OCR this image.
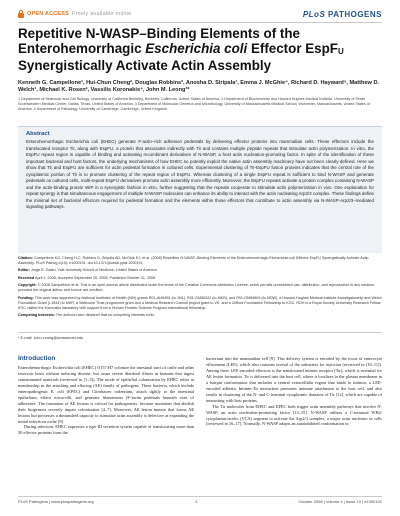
OPEN ACCESS Freely available online	PLoS PATHOGENS
Repetitive N-WASP–Binding Elements of the
Enterohemorrhagic Escherichia coli Effector EspF$_U$
Synergistically Activate Actin Assembly
Kenneth G. Campellone¹, Hui-Chun Cheng², Douglas Robbins³, Anosha D. Siripala¹, Emma J. McGhie⁴, Richard D. Hayward⁵, Matthew D. Welch¹, Michael K. Rosen², Vassilis Koronakis⁴, John M. Leong³*
1 Department of Molecular and Cell Biology, University of California Berkeley, Berkeley, California, United States of America, 2 Department of Biochemistry and Howard Hughes Medical Institute, University of Texas Southwestern Medical Center, Dallas, Texas, United States of America, 3 Department of Molecular Genetics and Microbiology, University of Massachusetts Medical School, Worcester, Massachusetts, United States of America, 4 Department of Pathology, University of Cambridge, Cambridge, United Kingdom
Abstract
Enterohemorrhagic Escherichia coli (EHEC) generate F-actin–rich adhesion pedestals by delivering effector proteins into mammalian cells. These effectors include the translocated receptor Tir, along with EspFU, a protein that associates indirectly with Tir and contains multiple peptide repeats that stimulate actin polymerization. In vitro, the EspFU repeat region is capable of binding and activating recombinant derivatives of N-WASP, a host actin nucleation-promoting factor. In spite of the identification of these important bacterial and host factors, the underlying mechanisms of how EHEC so potently exploit the native actin assembly machinery have not been clearly defined. Here we show that Tir and EspFU are sufficient for actin pedestal formation in cultured cells. Experimental clustering of Tir-EspFU fusion proteins indicates that the central role of the cytoplasmic portion of Tir is to promote clustering of the repeat region of EspFU. Whereas clustering of a single EspFU repeat is sufficient to bind N-WASP and generate pedestals on cultured cells, multi-repeat EspFU derivatives promote actin assembly more efficiently. Moreover, the EspFU repeats activate a protein complex containing N-WASP and the actin-binding protein WIP in a synergistic fashion in vitro, further suggesting that the repeats cooperate to stimulate actin polymerization in vivo. One explanation for repeat synergy is that simultaneous engagement of multiple N-WASP molecules can enhance its ability to interact with the actin nucleating Arp2/3 complex. These findings define the minimal set of bacterial effectors required for pedestal formation and the elements within those effectors that contribute to actin assembly via N-WASP-Arp2/3–mediated signaling pathways.

Citation: Campellone KG, Cheng H-C, Robbins D, Siripala AD, McGhie EJ, et al. (2008) Repetitive N-WASP–Binding Elements of the Enterohemorrhagic Escherichia coli Effector EspFU Synergistically Activate Actin Assembly. PLoS Pathog 4(10): e1000191. doi:10.1371/journal.ppat.1000191

Editor: Jorge E. Galán, Yale University School of Medicine, United States of America

Received April 1, 2008; Accepted September 30, 2008; Published October 31, 2008

Copyright: © 2008 Campellone et al. This is an open-access article distributed under the terms of the Creative Commons Attribution License, which permits unrestricted use, distribution, and reproduction in any medium, provided the original author and source are credited.

Funding: This work was supported by National Institutes of Health (NIH) grants R01-AI46454 (to JML), R01-GM56322 (to MKR), and R01-GM59609 (to MDW), a Howard Hughes Medical Institute Investigatorship and Welch Foundation Grant (I-1544) to MKR, a Wellcome Trust programme grant and a Medical Research Council project grant to VK, and a Clifford Foundation Fellowship to KGC. RDH is a Royal Society University Research Fellow. KGC visited the Koronakis laboratory with support from a Human Frontier Science Program International fellowship.

Competing Interests: The authors have declared that no competing interests exist.

* E-mail: John.Leong@umassmed.edu
Introduction

Enterohemorrhagic Escherichia coli (EHEC) O157:H7 colonize the intestinal tract of cattle and other reservoir hosts without inducing disease, but cause severe diarrheal illness in humans that ingest contaminated materials (reviewed in [1–3]). The mode of epithelial colonization by EHEC relies in membership in the attaching and effacing (AE) family of pathogens. These bacteria, which include enteropathogenic E. coli (EPEC) and Citrobacter rodentium, attach tightly to the intestinal epithelium, efface microvilli, and generate filamentous (F-)actin pedestals beneath sites of adherence. The formation of AE lesions is critical for pathogenesis, because mutations that abolish their biogenesis severely impair colonization [4–7]. Moreover, AE lesion mutant that forms AE lesions but possesses a diminished capacity to stimulate actin assembly is defective at expanding the initial infectious niche [8].

During infection, EHEC expresses a type III secretion system capable of translocating more than 50 effector proteins from the

bacterium into the mammalian cell [9]. This delivery system is encoded by the locus of enterocyte effacement (LEE), which also contains several of the substrates for injection (reviewed in [10–11]). Among these LEE-encoded effectors is the translocated intimin receptor (Tir), which is essential for AE lesion formation. Tir is delivered into the host cell, where it localizes to the plasma membrane in a hairpin conformation that includes a central extracellular region that binds to intimin, a LEE-encoded adhesin. Intimin-Tir interaction promotes intimate attachment to the host cell, and also results in clustering of the N- and C-terminal cytoplasmic domains of Tir [12], which are capable of interacting with host proteins.

The Tir molecules from EHEC and EPEC both trigger actin assembly pathways that involve N-WASP, an actin nucleation-promoting factor [13–15]. N-WASP utilizes a C-terminal WH2/ cytoplasmic/acidic (VCA) segment to activate the Arp2/3 complex, a major actin nucleator in cells [reviewed in 16–17]. Normally, N-WASP adopts an autoinhibited conformation in

PLoS Pathogens | www.plospathogens.org	1	October 2008 | Volume 4 | Issue 10 | e1000191
